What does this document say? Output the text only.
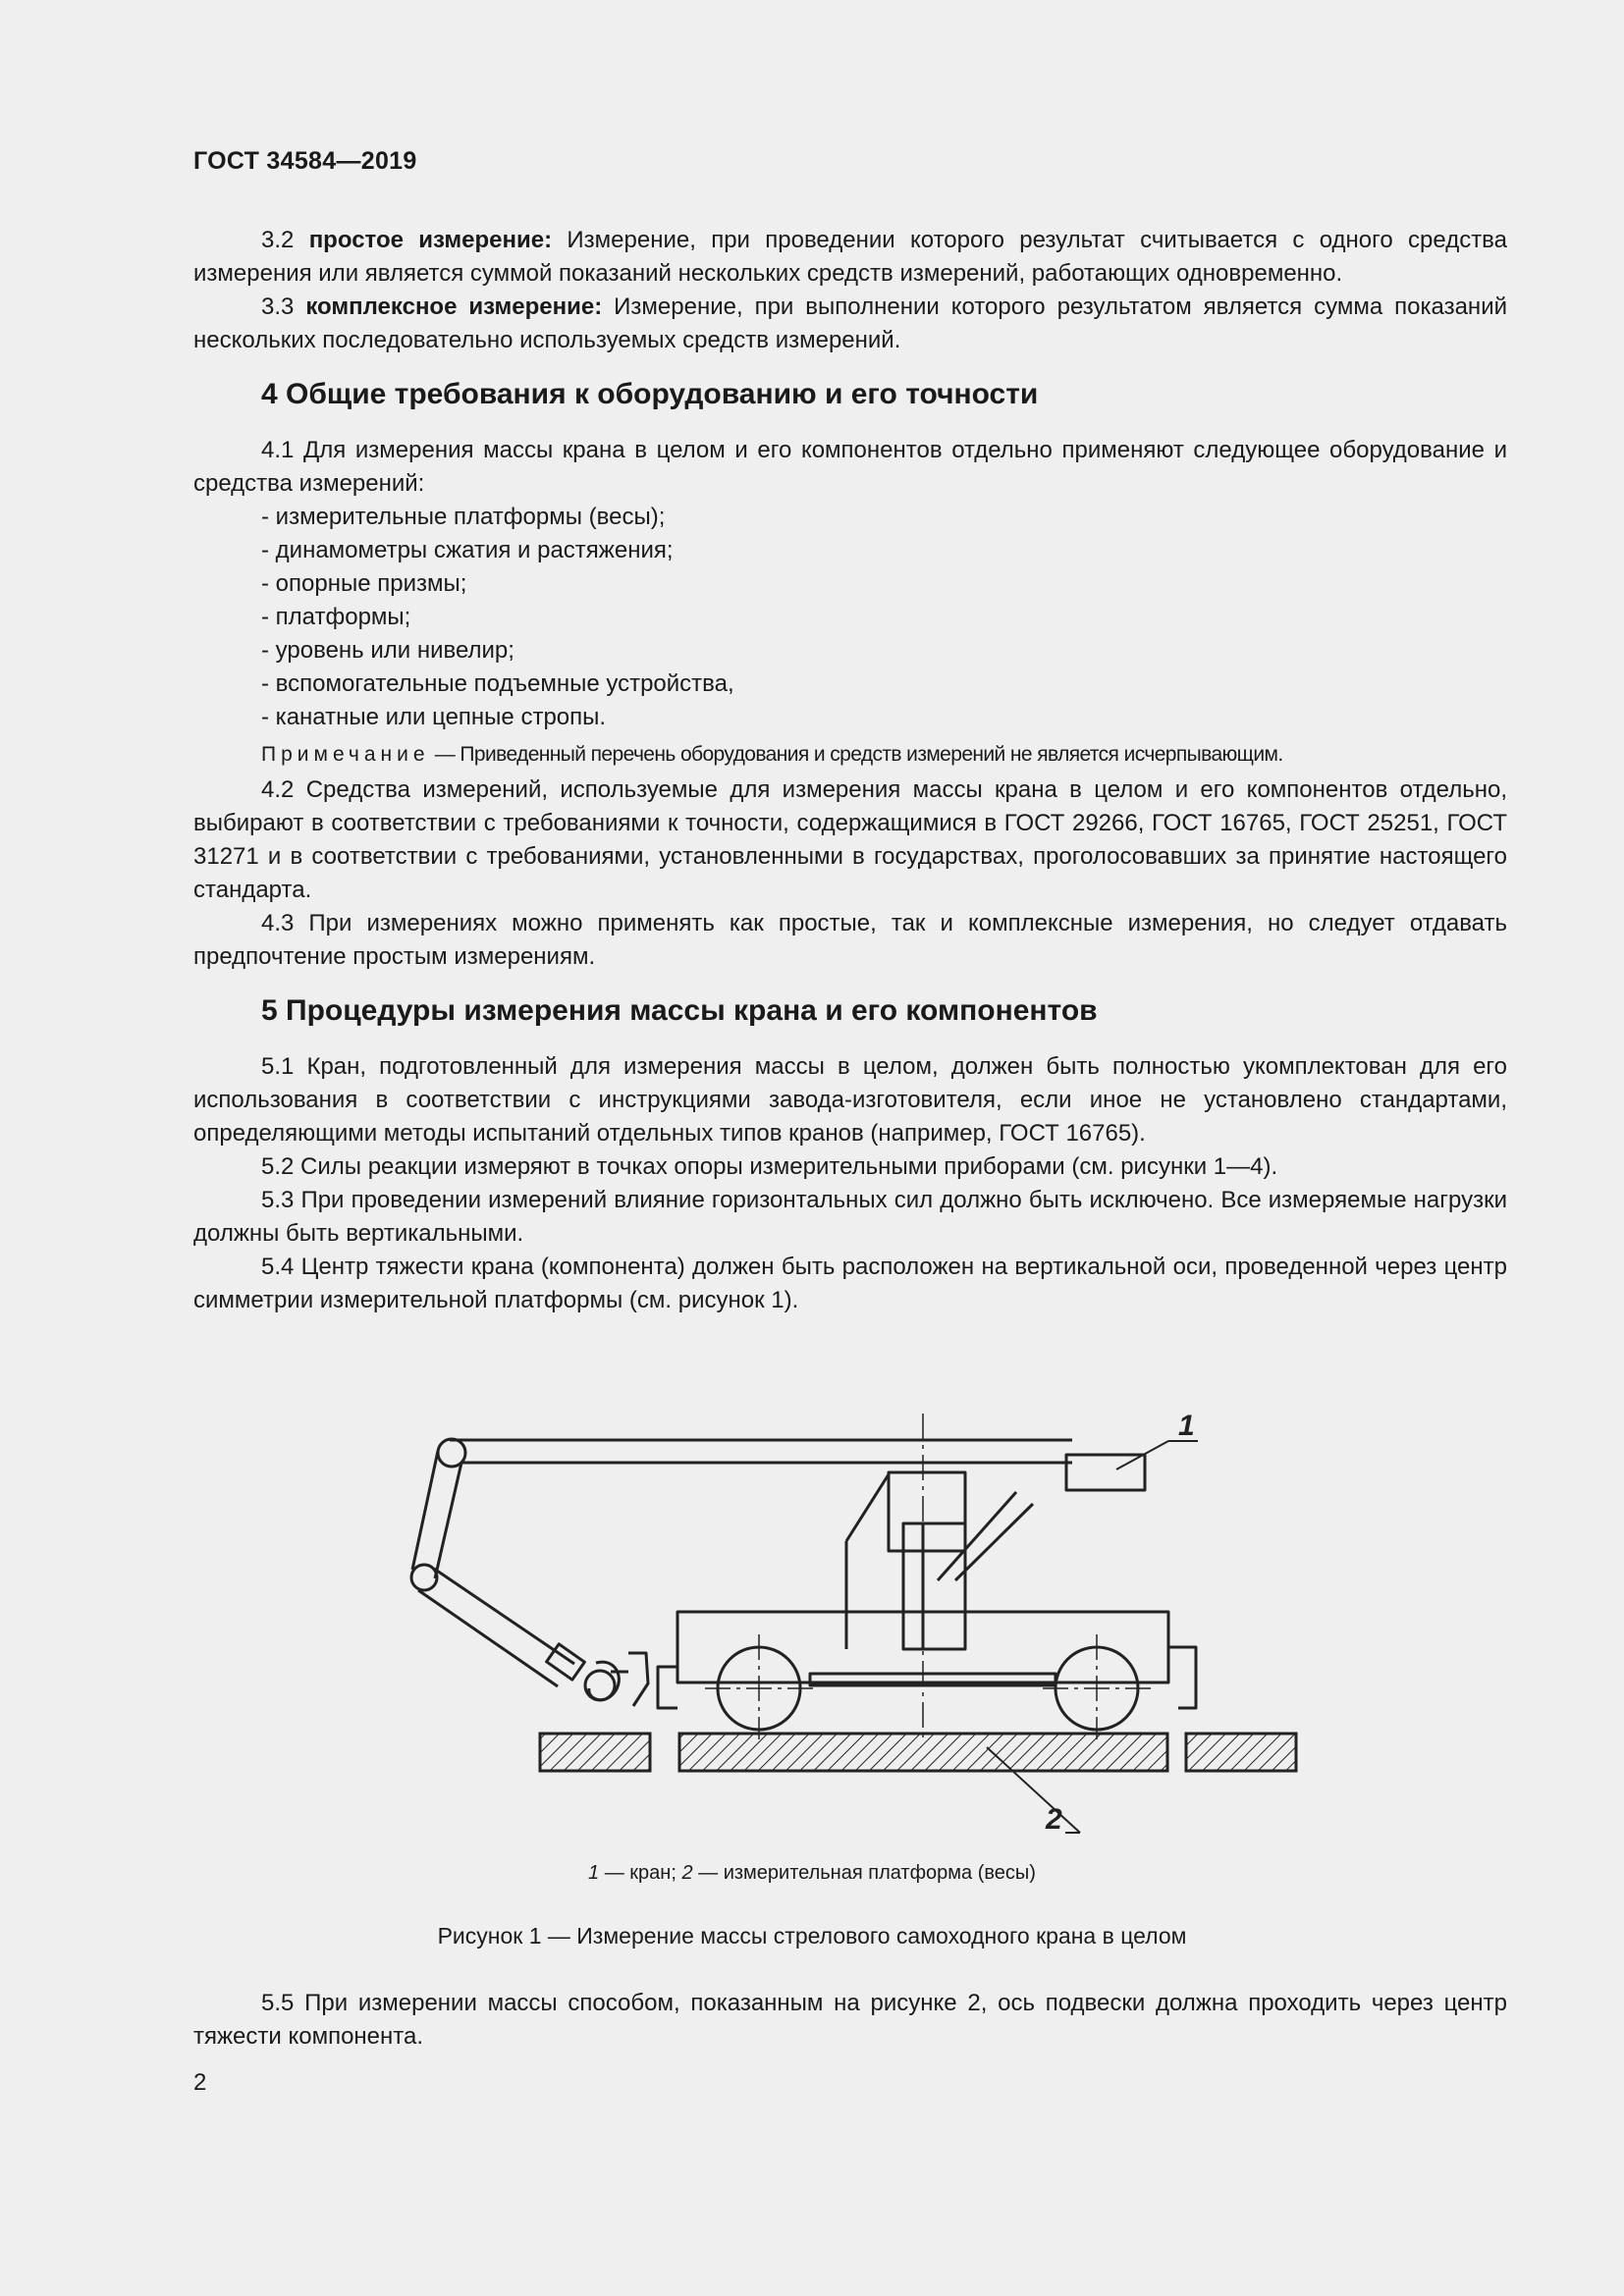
ГОСТ 34584—2019

3.2 простое измерение: Измерение, при проведении которого результат считывается с одного средства измерения или является суммой показаний нескольких средств измерений, работающих одновременно.

3.3 комплексное измерение: Измерение, при выполнении которого результатом является сумма показаний нескольких последовательно используемых средств измерений.

4 Общие требования к оборудованию и его точности

4.1 Для измерения массы крана в целом и его компонентов отдельно применяют следующее оборудование и средства измерений:

- измерительные платформы (весы);
- динамометры сжатия и растяжения;
- опорные призмы;
- платформы;
- уровень или нивелир;
- вспомогательные подъемные устройства,
- канатные или цепные стропы.
Примечание — Приведенный перечень оборудования и средств измерений не является исчерпывающим.

4.2 Средства измерений, используемые для измерения массы крана в целом и его компонентов отдельно, выбирают в соответствии с требованиями к точности, содержащимися в ГОСТ 29266, ГОСТ 16765, ГОСТ 25251, ГОСТ 31271 и в соответствии с требованиями, установленными в государствах, проголосовавших за принятие настоящего стандарта.

4.3 При измерениях можно применять как простые, так и комплексные измерения, но следует отдавать предпочтение простым измерениям.

5 Процедуры измерения массы крана и его компонентов

5.1 Кран, подготовленный для измерения массы в целом, должен быть полностью укомплектован для его использования в соответствии с инструкциями завода-изготовителя, если иное не установлено стандартами, определяющими методы испытаний отдельных типов кранов (например, ГОСТ 16765).

5.2 Силы реакции измеряют в точках опоры измерительными приборами (см. рисунки 1—4).

5.3 При проведении измерений влияние горизонтальных сил должно быть исключено. Все измеряемые нагрузки должны быть вертикальными.

5.4 Центр тяжести крана (компонента) должен быть расположен на вертикальной оси, проведенной через центр симметрии измерительной платформы (см. рисунок 1).

1
2
1 — кран; 2 — измерительная платформа (весы)
Рисунок 1 — Измерение массы стрелового самоходного крана в целом

5.5 При измерении массы способом, показанным на рисунке 2, ось подвески должна проходить через центр тяжести компонента.

2
